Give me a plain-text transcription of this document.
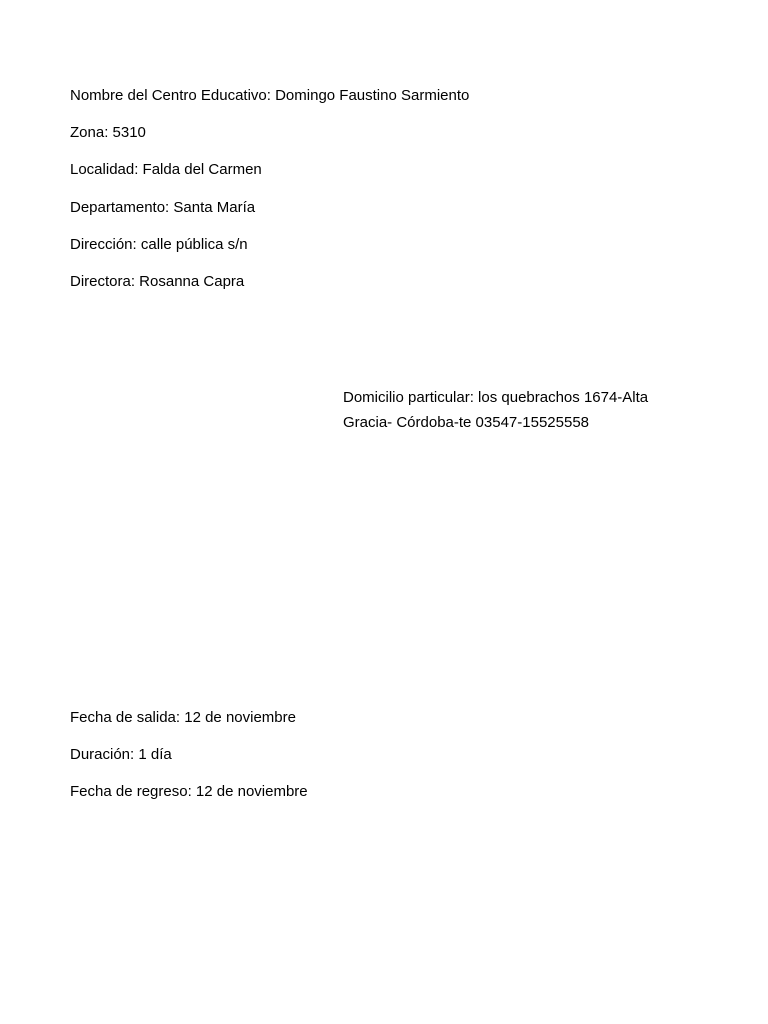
Nombre del Centro Educativo: Domingo Faustino Sarmiento
Zona: 5310
Localidad: Falda del Carmen
Departamento: Santa María
Dirección: calle pública s/n
Directora: Rosanna Capra
Domicilio particular: los quebrachos 1674-Alta
Gracia- Córdoba-te 03547-15525558
Fecha de salida: 12 de noviembre
Duración: 1 día
Fecha de regreso: 12 de noviembre
